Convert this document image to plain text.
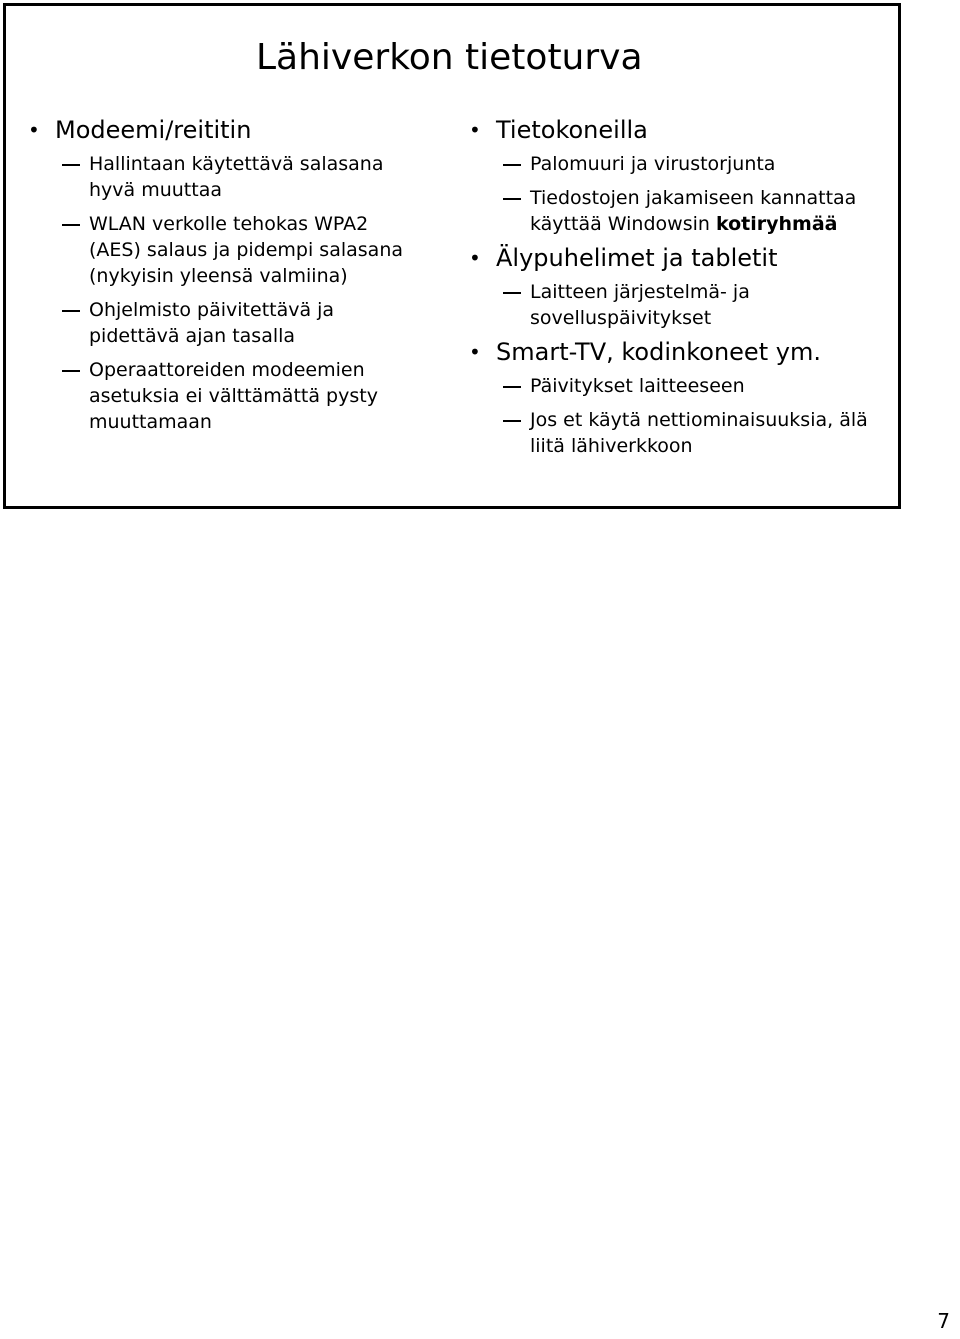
Lähiverkon tietoturva
• Modeemi/reititin
Hallintaan käytettävä salasana
hyvä muuttaa
WLAN verkolle tehokas WPA2
(AES) salaus ja pidempi salasana
(nykyisin yleensä valmiina)
Ohjelmisto päivitettävä ja
pidettävä ajan tasalla
Operaattoreiden modeemien
asetuksia ei välttämättä pysty
muuttamaan
• Tietokoneilla
Palomuuri ja virustorjunta
Tiedostojen jakamiseen kannattaa
käyttää Windowsin kotiryhmää
• Älypuhelimet ja tabletit
Laitteen järjestelmä- ja
sovelluspäivitykset
• Smart-TV, kodinkoneet ym.
Päivitykset laitteeseen
Jos et käytä nettiominaisuuksia, älä
liitä lähiverkkoon
7
